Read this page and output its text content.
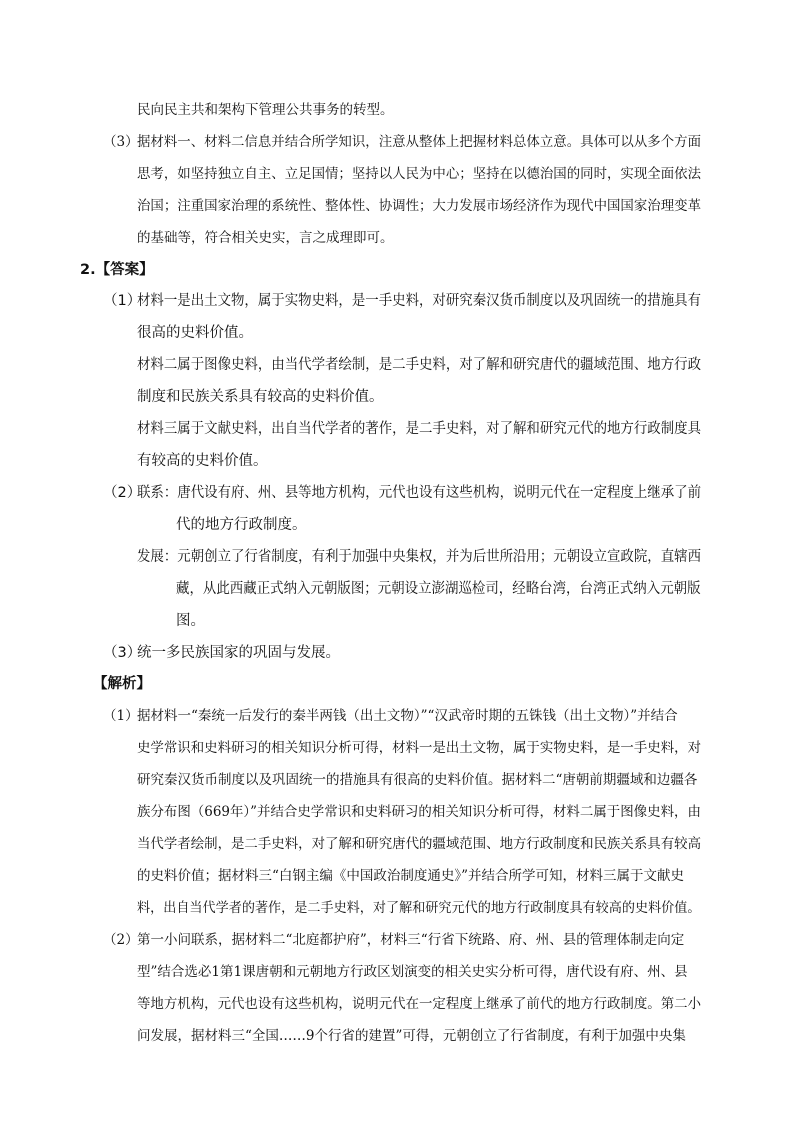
民向民主共和架构下管理公共事务的转型。
（3）
据材料一、材料二信息并结合所学知识，注意从整体上把握材料总体立意。具体可以从多个方面
思考，如坚持独立自主、立足国情；坚持以人民为中心；坚持在以德治国的同时，实现全面依法
治国；注重国家治理的系统性、整体性、协调性；大力发展市场经济作为现代中国国家治理变革
的基础等，符合相关史实，言之成理即可。
2.【答案】
（1）
材料一是出土文物，属于实物史料，是一手史料，对研究秦汉货币制度以及巩固统一的措施具有
很高的史料价值。
材料二属于图像史料，由当代学者绘制，是二手史料，对了解和研究唐代的疆域范围、地方行政
制度和民族关系具有较高的史料价值。
材料三属于文献史料，出自当代学者的著作，是二手史料，对了解和研究元代的地方行政制度具
有较高的史料价值。
（2）
联系：唐代设有府、州、县等地方机构，元代也设有这些机构，说明元代在一定程度上继承了前
代的地方行政制度。
发展：元朝创立了行省制度，有利于加强中央集权，并为后世所沿用；元朝设立宣政院，直辖西
藏，从此西藏正式纳入元朝版图；元朝设立澎湖巡检司，经略台湾，台湾正式纳入元朝版
图。
（3）
统一多民族国家的巩固与发展。
【解析】
（1）
据材料一“秦统一后发行的秦半两钱（出土文物）”“汉武帝时期的五铢钱（出土文物）”并结合
史学常识和史料研习的相关知识分析可得，材料一是出土文物，属于实物史料，是一手史料，对
研究秦汉货币制度以及巩固统一的措施具有很高的史料价值。据材料二“唐朝前期疆域和边疆各
族分布图（669年）”并结合史学常识和史料研习的相关知识分析可得，材料二属于图像史料，由
当代学者绘制，是二手史料，对了解和研究唐代的疆域范围、地方行政制度和民族关系具有较高
的史料价值；据材料三“白钢主编《中国政治制度通史》”并结合所学可知，材料三属于文献史
料，出自当代学者的著作，是二手史料，对了解和研究元代的地方行政制度具有较高的史料价值。
（2）
第一小问联系，据材料二“北庭都护府”，材料三“行省下统路、府、州、县的管理体制走向定
型”结合选必1第1课唐朝和元朝地方行政区划演变的相关史实分析可得，唐代设有府、州、县
等地方机构，元代也设有这些机构，说明元代在一定程度上继承了前代的地方行政制度。第二小
问发展，据材料三“全国……9个行省的建置”可得，元朝创立了行省制度，有利于加强中央集
